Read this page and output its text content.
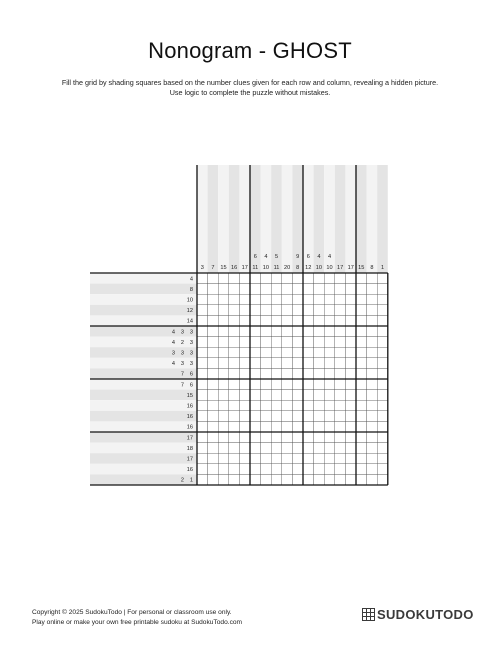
Nonogram - GHOST
Fill the grid by shading squares based on the number clues given for each row and column, revealing a hidden picture. Use logic to complete the puzzle without mistakes.
3 7 15 16 17
6
11
4
10
5
11 20
9
8
6
12
4
10
4
10 17 17 15 8 1
4
8
10
12
14
4 3 3
4 2 3
3 3 3
4 3 3
7 6
7 6
15
16
16
16
17
18
17
16
2 1
Copyright © 2025 SudokuTodo | For personal or classroom use only.
Play online or make your own free printable sudoku at SudokuTodo.com
SUDOKUTODO
